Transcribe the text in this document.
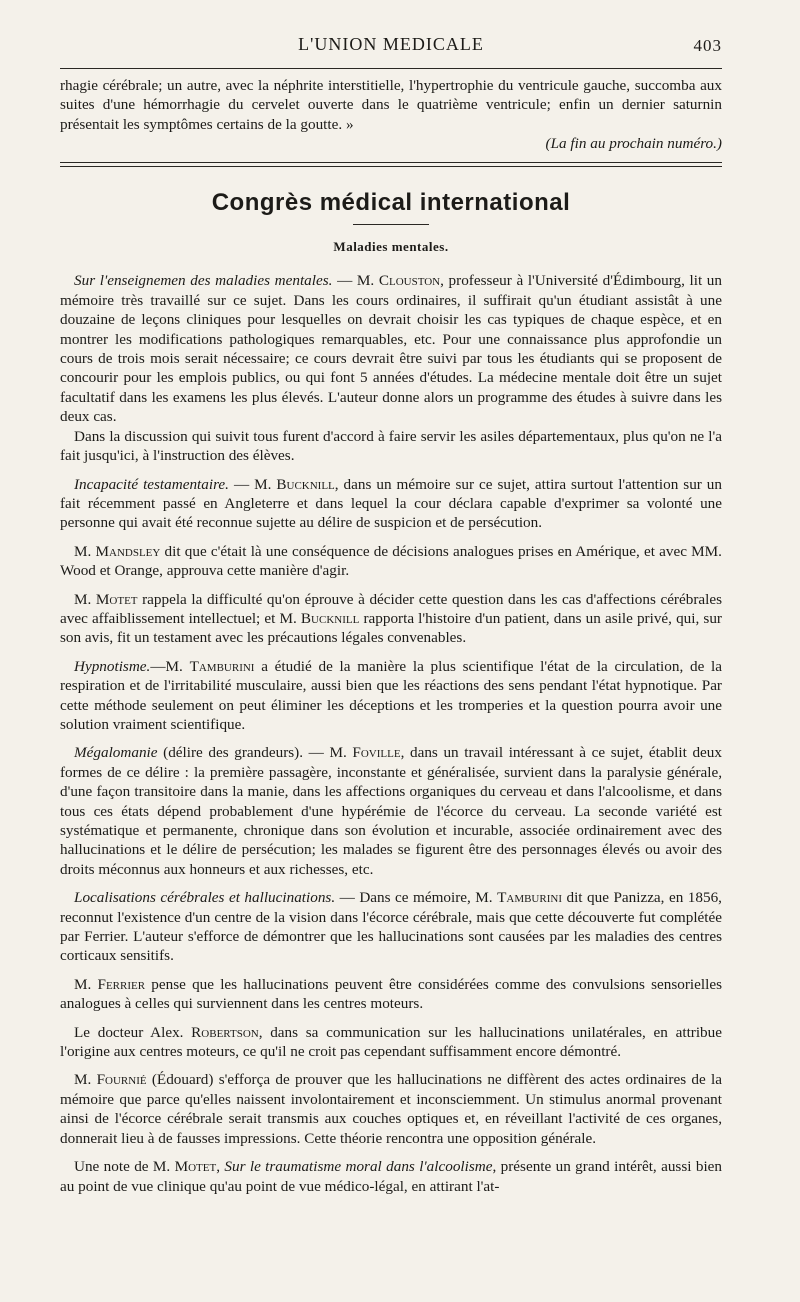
L'UNION MEDICALE	403

rhagie cérébrale; un autre, avec la néphrite interstitielle, l'hypertrophie du ventricule gauche, succomba aux suites d'une hémorrhagie du cervelet ouverte dans le quatrième ventricule; enfin un dernier saturnin présentait les symptômes certains de la goutte. »

(La fin au prochain numéro.)

Congrès médical international
Maladies mentales.

Sur l'enseignemen des maladies mentales. — M. Clouston, professeur à l'Université d'Édimbourg, lit un mémoire très travaillé sur ce sujet. Dans les cours ordinaires, il suffirait qu'un étudiant assistât à une douzaine de leçons cliniques pour lesquelles on devrait choisir les cas typiques de chaque espèce, et en montrer les modifications pathologiques remarquables, etc. Pour une connaissance plus approfondie un cours de trois mois serait nécessaire; ce cours devrait être suivi par tous les étudiants qui se proposent de concourir pour les emplois publics, ou qui font 5 années d'études. La médecine mentale doit être un sujet facultatif dans les examens les plus élevés. L'auteur donne alors un programme des études à suivre dans les deux cas.

Dans la discussion qui suivit tous furent d'accord à faire servir les asiles départementaux, plus qu'on ne l'a fait jusqu'ici, à l'instruction des élèves.

Incapacité testamentaire. — M. Bucknill, dans un mémoire sur ce sujet, attira surtout l'attention sur un fait récemment passé en Angleterre et dans lequel la cour déclara capable d'exprimer sa volonté une personne qui avait été reconnue sujette au délire de suspicion et de persécution.

M. Mandsley dit que c'était là une conséquence de décisions analogues prises en Amérique, et avec MM. Wood et Orange, approuva cette manière d'agir.

M. Motet rappela la difficulté qu'on éprouve à décider cette question dans les cas d'affections cérébrales avec affaiblissement intellectuel; et M. Bucknill rapporta l'histoire d'un patient, dans un asile privé, qui, sur son avis, fit un testament avec les précautions légales convenables.

Hypnotisme.—M. Tamburini a étudié de la manière la plus scientifique l'état de la circulation, de la respiration et de l'irritabilité musculaire, aussi bien que les réactions des sens pendant l'état hypnotique. Par cette méthode seulement on peut éliminer les déceptions et les tromperies et la question pourra avoir une solution vraiment scientifique.

Mégalomanie (délire des grandeurs). — M. Foville, dans un travail intéressant à ce sujet, établit deux formes de ce délire : la première passagère, inconstante et généralisée, survient dans la paralysie générale, d'une façon transitoire dans la manie, dans les affections organiques du cerveau et dans l'alcoolisme, et dans tous ces états dépend probablement d'une hypérémie de l'écorce du cerveau. La seconde variété est systématique et permanente, chronique dans son évolution et incurable, associée ordinairement avec des hallucinations et le délire de persécution; les malades se figurent être des personnages élevés ou avoir des droits méconnus aux honneurs et aux richesses, etc.

Localisations cérébrales et hallucinations. — Dans ce mémoire, M. Tamburini dit que Panizza, en 1856, reconnut l'existence d'un centre de la vision dans l'écorce cérébrale, mais que cette découverte fut complétée par Ferrier. L'auteur s'efforce de démontrer que les hallucinations sont causées par les maladies des centres corticaux sensitifs.

M. Ferrier pense que les hallucinations peuvent être considérées comme des convulsions sensorielles analogues à celles qui surviennent dans les centres moteurs.

Le docteur Alex. Robertson, dans sa communication sur les hallucinations unilatérales, en attribue l'origine aux centres moteurs, ce qu'il ne croit pas cependant suffisamment encore démontré.

M. Fournié (Édouard) s'efforça de prouver que les hallucinations ne diffèrent des actes ordinaires de la mémoire que parce qu'elles naissent involontairement et inconsciemment. Un stimulus anormal provenant ainsi de l'écorce cérébrale serait transmis aux couches optiques et, en réveillant l'activité de ces organes, donnerait lieu à de fausses impressions. Cette théorie rencontra une opposition générale.

Une note de M. Motet, Sur le traumatisme moral dans l'alcoolisme, présente un grand intérêt, aussi bien au point de vue clinique qu'au point de vue médico-légal, en attirant l'at-
